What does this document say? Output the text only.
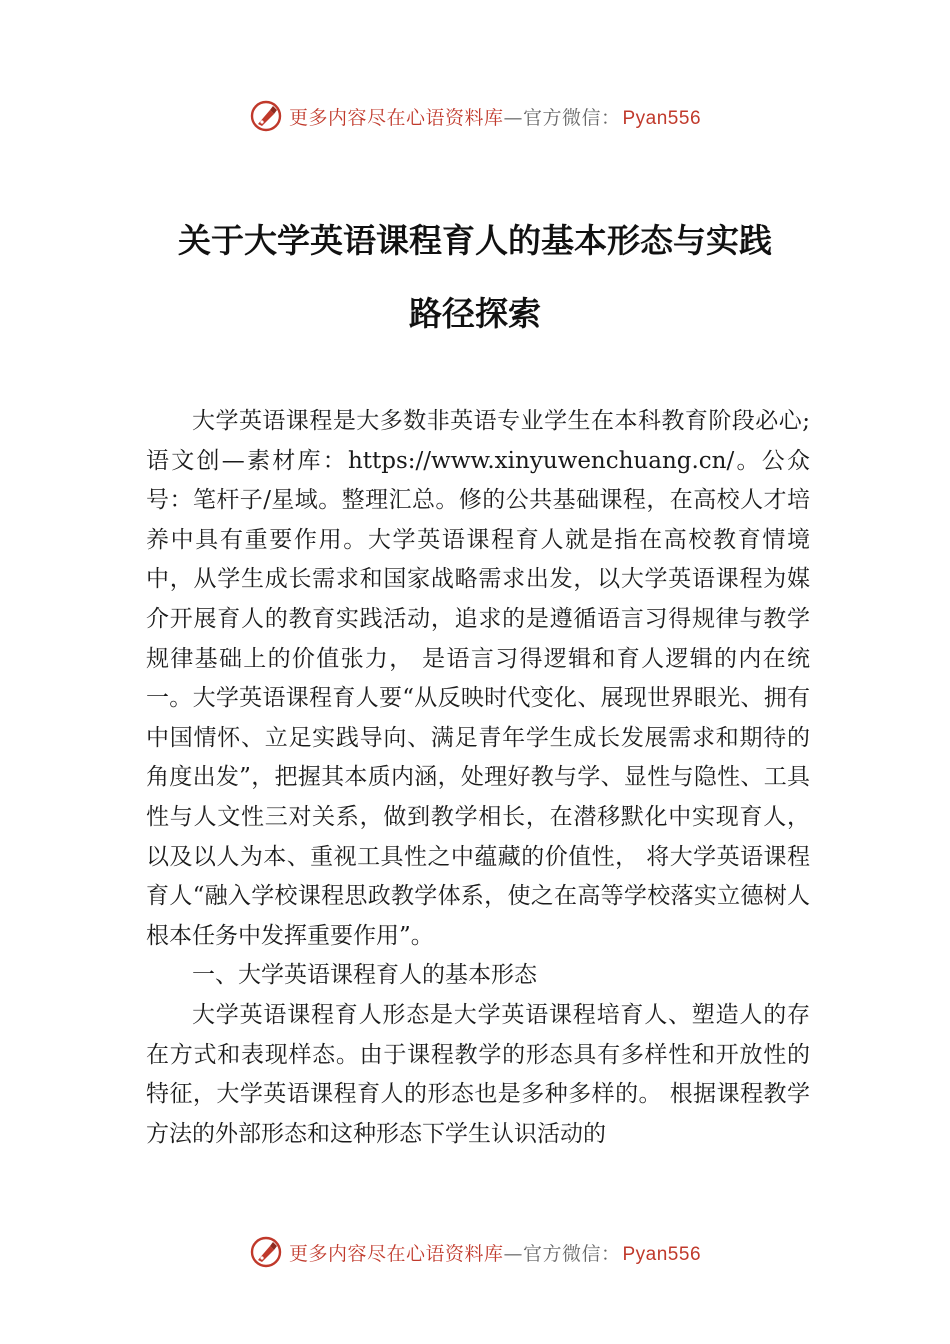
更多内容尽在心语资料库—官方微信： Pyan556
关于大学英语课程育人的基本形态与实践
路径探索

大学英语课程是大多数非英语专业学生在本科教育阶段必心;语文创—素材库：https://www.xinyuwenchuang.cn/。公众号：笔杆子/星域。整理汇总。修的公共基础课程，在高校人才培养中具有重要作用。大学英语课程育人就是指在高校教育情境中，从学生成长需求和国家战略需求出发，以大学英语课程为媒介开展育人的教育实践活动，追求的是遵循语言习得规律与教学规律基础上的价值张力， 是语言习得逻辑和育人逻辑的内在统一。大学英语课程育人要“从反映时代变化、展现世界眼光、拥有中国情怀、立足实践导向、满足青年学生成长发展需求和期待的角度出发”，把握其本质内涵，处理好教与学、显性与隐性、工具性与人文性三对关系，做到教学相长，在潜移默化中实现育人，以及以人为本、重视工具性之中蕴藏的价值性， 将大学英语课程育人“融入学校课程思政教学体系，使之在高等学校落实立德树人根本任务中发挥重要作用”。

一、大学英语课程育人的基本形态

大学英语课程育人形态是大学英语课程培育人、塑造人的存在方式和表现样态。由于课程教学的形态具有多样性和开放性的特征，大学英语课程育人的形态也是多种多样的。 根据课程教学方法的外部形态和这种形态下学生认识活动的

更多内容尽在心语资料库—官方微信： Pyan556
